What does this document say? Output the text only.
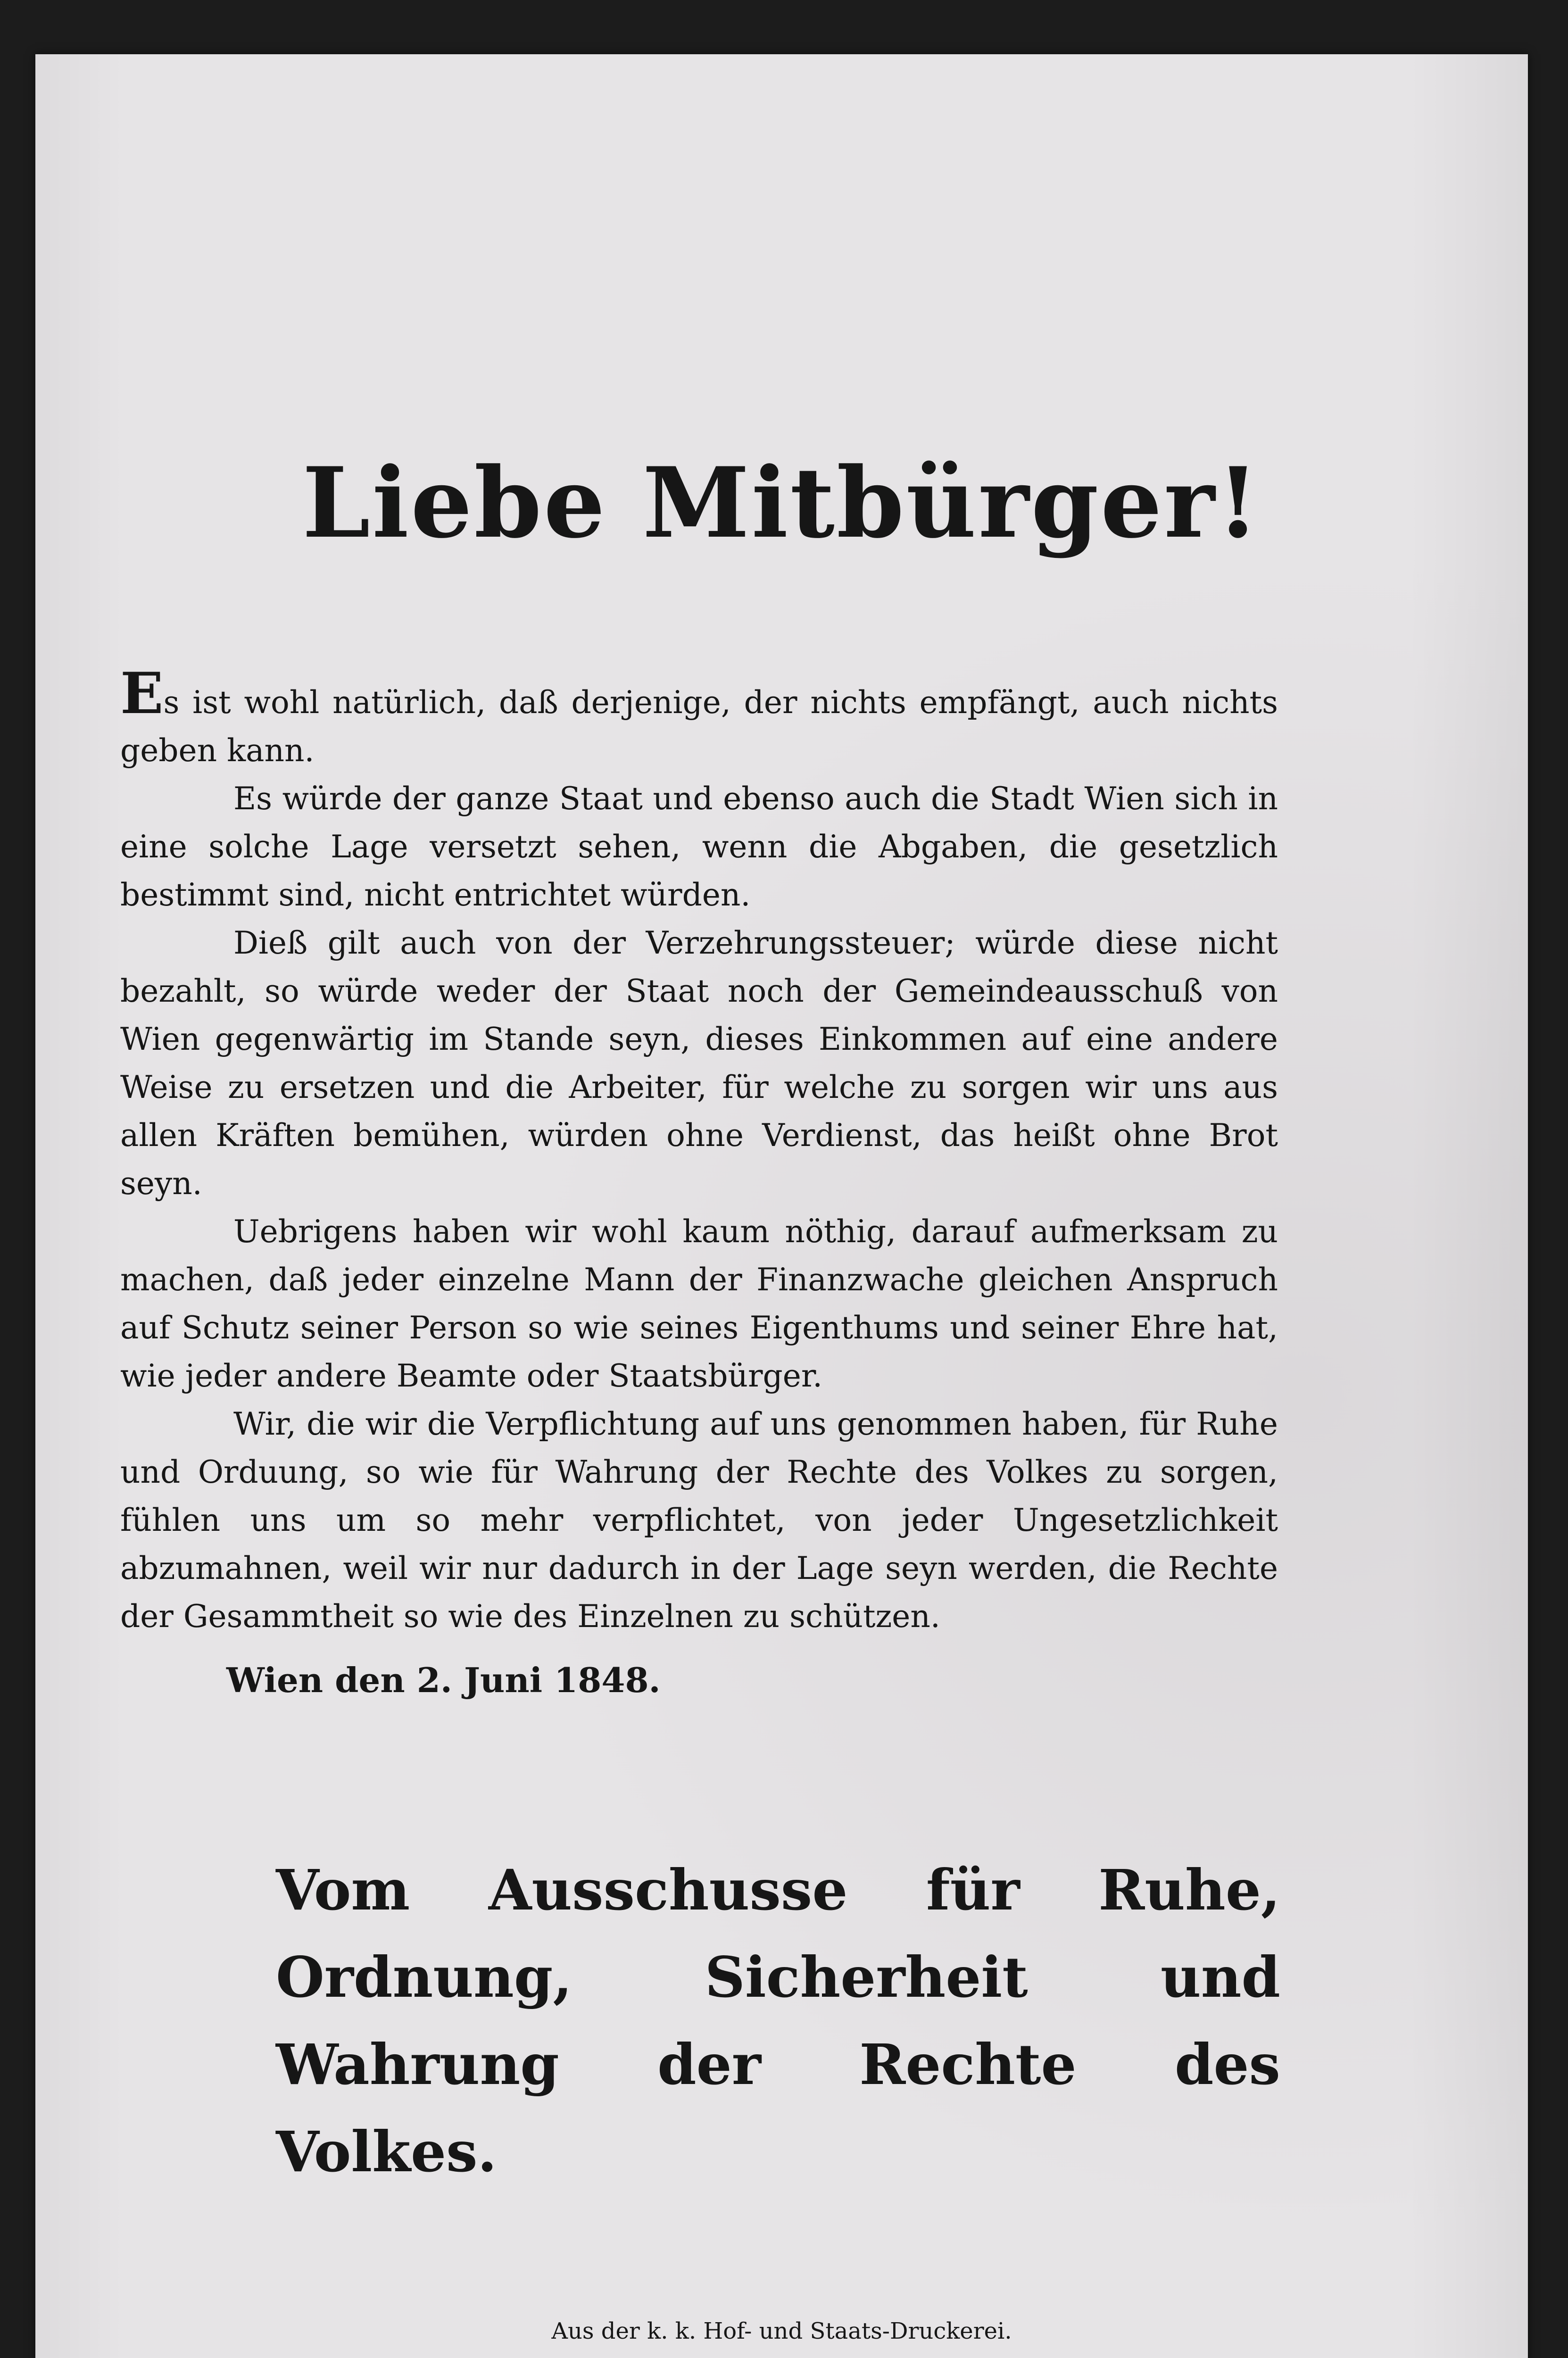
Liebe Mitbürger!

Es ist wohl natürlich, daß derjenige, der nichts empfängt, auch nichts geben kann.

Es würde der ganze Staat und ebenso auch die Stadt Wien sich in eine solche Lage versetzt sehen, wenn die Abgaben, die gesetzlich bestimmt sind, nicht entrichtet würden.

Dieß gilt auch von der Verzehrungssteuer; würde diese nicht bezahlt, so würde weder der Staat noch der Gemeindeausschuß von Wien gegenwärtig im Stande seyn, dieses Einkommen auf eine andere Weise zu ersetzen und die Arbeiter, für welche zu sorgen wir uns aus allen Kräften bemühen, würden ohne Verdienst, das heißt ohne Brot seyn.

Uebrigens haben wir wohl kaum nöthig, darauf aufmerksam zu machen, daß jeder einzelne Mann der Finanzwache gleichen Anspruch auf Schutz seiner Person so wie seines Eigenthums und seiner Ehre hat, wie jeder andere Beamte oder Staatsbürger.

Wir, die wir die Verpflichtung auf uns genommen haben, für Ruhe und Orduung, so wie für Wahrung der Rechte des Volkes zu sorgen, fühlen uns um so mehr verpflichtet, von jeder Ungesetzlichkeit abzumahnen, weil wir nur dadurch in der Lage seyn werden, die Rechte der Gesammtheit so wie des Einzelnen zu schützen.

Wien den 2. Juni 1848.
Vom Ausschusse für Ruhe, Ordnung, Sicherheit und Wahrung der Rechte des Volkes.
Aus der k. k. Hof- und Staats-Druckerei.
